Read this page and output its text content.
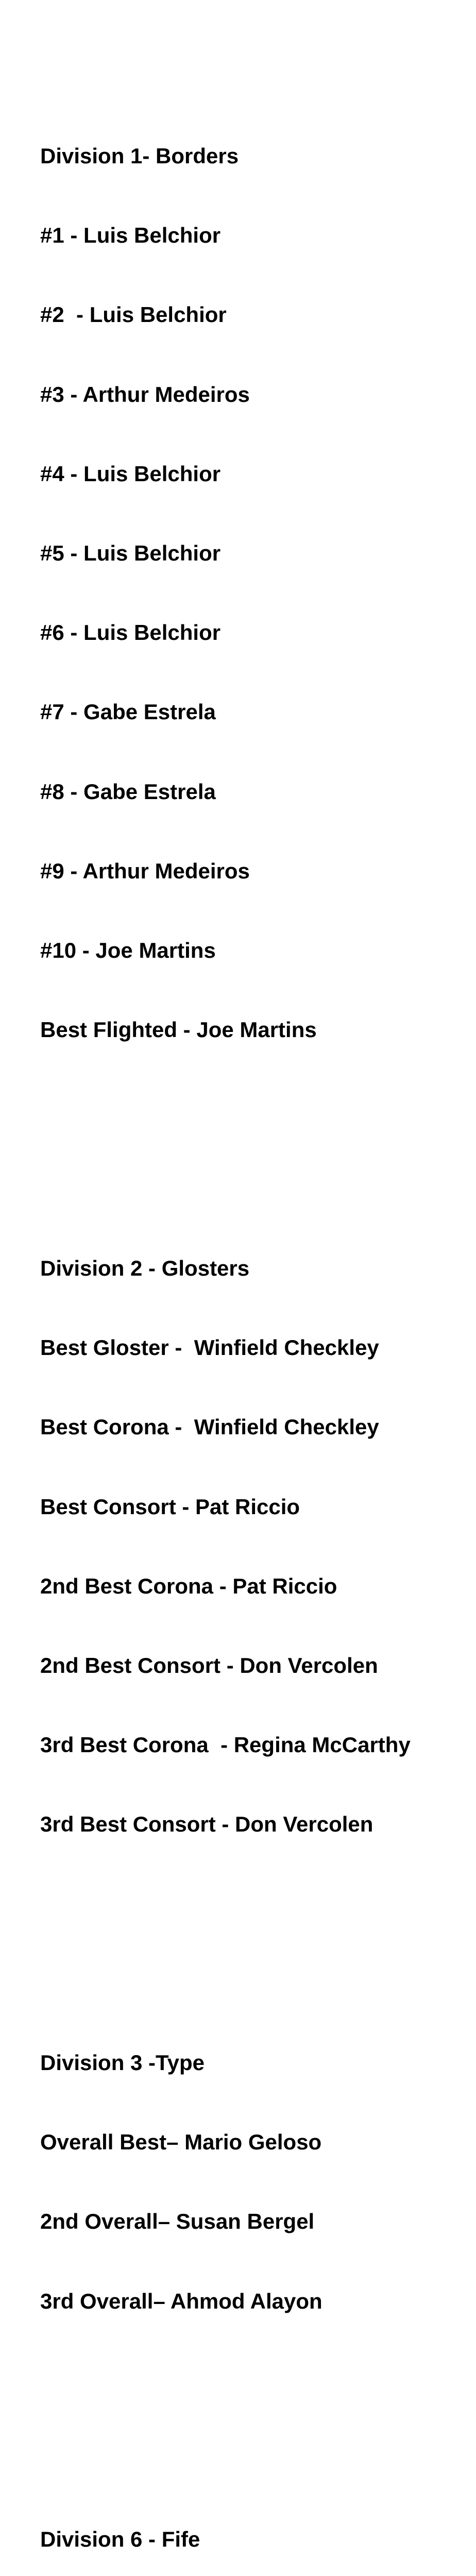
Division 1- Borders

#1 - Luis Belchior

#2  - Luis Belchior

#3 - Arthur Medeiros

#4 - Luis Belchior

#5 - Luis Belchior

#6 - Luis Belchior

#7 - Gabe Estrela

#8 - Gabe Estrela

#9 - Arthur Medeiros

#10 - Joe Martins

Best Flighted - Joe Martins

Division 2 - Glosters

Best Gloster -  Winfield Checkley

Best Corona -  Winfield Checkley

Best Consort - Pat Riccio

2nd Best Corona - Pat Riccio

2nd Best Consort - Don Vercolen

3rd Best Corona  - Regina McCarthy

3rd Best Consort - Don Vercolen

Division 3 -Type

Overall Best– Mario Geloso

2nd Overall– Susan Bergel

3rd Overall– Ahmod Alayon

Division 6 - Fife
